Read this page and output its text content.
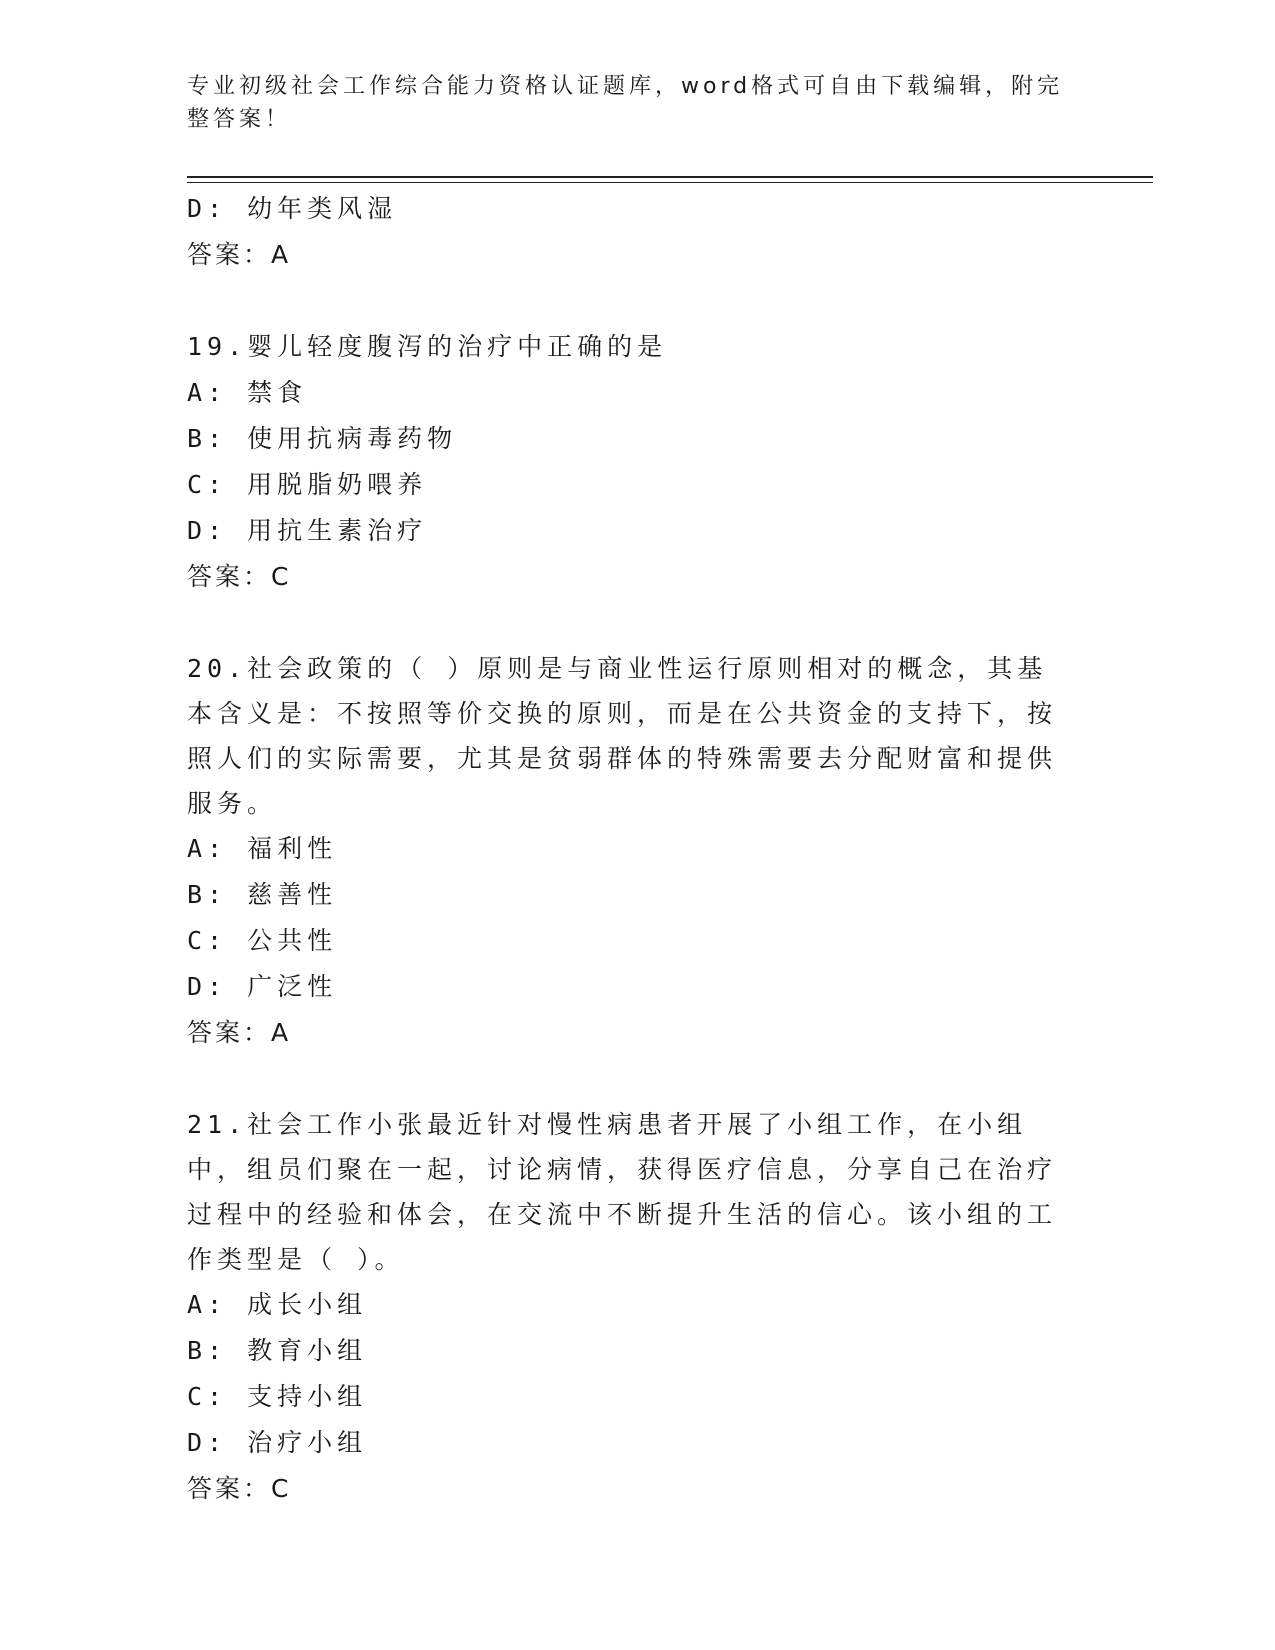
专业初级社会工作综合能力资格认证题库，word格式可自由下载编辑，附完整答案！
D: 幼年类风湿
答案：A
19.婴儿轻度腹泻的治疗中正确的是
A: 禁食
B: 使用抗病毒药物
C: 用脱脂奶喂养
D: 用抗生素治疗
答案：C
20.社会政策的（ ）原则是与商业性运行原则相对的概念，其基本含义是：不按照等价交换的原则，而是在公共资金的支持下，按照人们的实际需要，尤其是贫弱群体的特殊需要去分配财富和提供服务。
A: 福利性
B: 慈善性
C: 公共性
D: 广泛性
答案：A
21.社会工作小张最近针对慢性病患者开展了小组工作，在小组中，组员们聚在一起，讨论病情，获得医疗信息，分享自己在治疗过程中的经验和体会，在交流中不断提升生活的信心。该小组的工作类型是（ ）。
A: 成长小组
B: 教育小组
C: 支持小组
D: 治疗小组
答案：C
